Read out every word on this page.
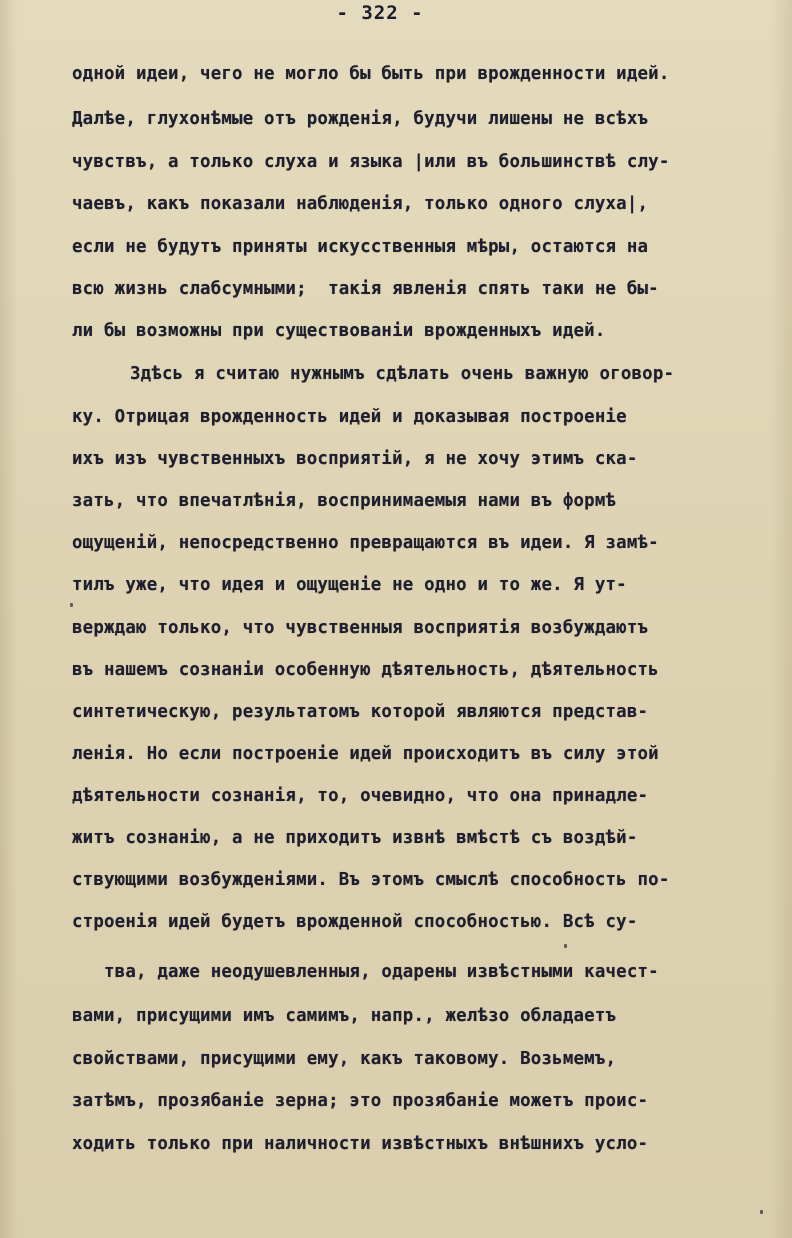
- 322 -
одной идеи, чего не могло бы быть при врожденности идей.
Далѣе, глухонѣмые отъ рожденія, будучи лишены не всѣхъ
чувствъ, а только слуха и языка |или въ большинствѣ слу-
чаевъ, какъ показали наблюденія, только одного слуха|,
если не будутъ приняты искусственныя мѣры, остаются на
всю жизнь слабсумными;  такія явленія спять таки не бы-
ли бы возможны при существованіи врожденныхъ идей.
Здѣсь я считаю нужнымъ сдѣлать очень важную оговор-
ку. Отрицая врожденность идей и доказывая построеніе
ихъ изъ чувственныхъ восприятій, я не хочу этимъ ска-
зать, что впечатлѣнія, воспринимаемыя нами въ формѣ
ощущеній, непосредственно превращаются въ идеи. Я замѣ-
тилъ уже, что идея и ощущеніе не одно и то же. Я ут-
верждаю только, что чувственныя восприятія возбуждаютъ
въ нашемъ сознаніи особенную дѣятельность, дѣятельность
синтетическую, результатомъ которой являются представ-
ленія. Но если построеніе идей происходитъ въ силу этой
дѣятельности сознанія, то, очевидно, что она принадле-
житъ сознанію, а не приходитъ извнѣ вмѣстѣ съ воздѣй-
ствующими возбужденіями. Въ этомъ смыслѣ способность по-
строенія идей будетъ врожденной способностью. Всѣ су-
тва, даже неодушевленныя, одарены извѣстными качест-
вами, присущими имъ самимъ, напр., желѣзо обладаетъ
свойствами, присущими ему, какъ таковому. Возьмемъ,
затѣмъ, прозябаніе зерна; это прозябаніе можетъ проис-
ходить только при наличности извѣстныхъ внѣшнихъ усло-
